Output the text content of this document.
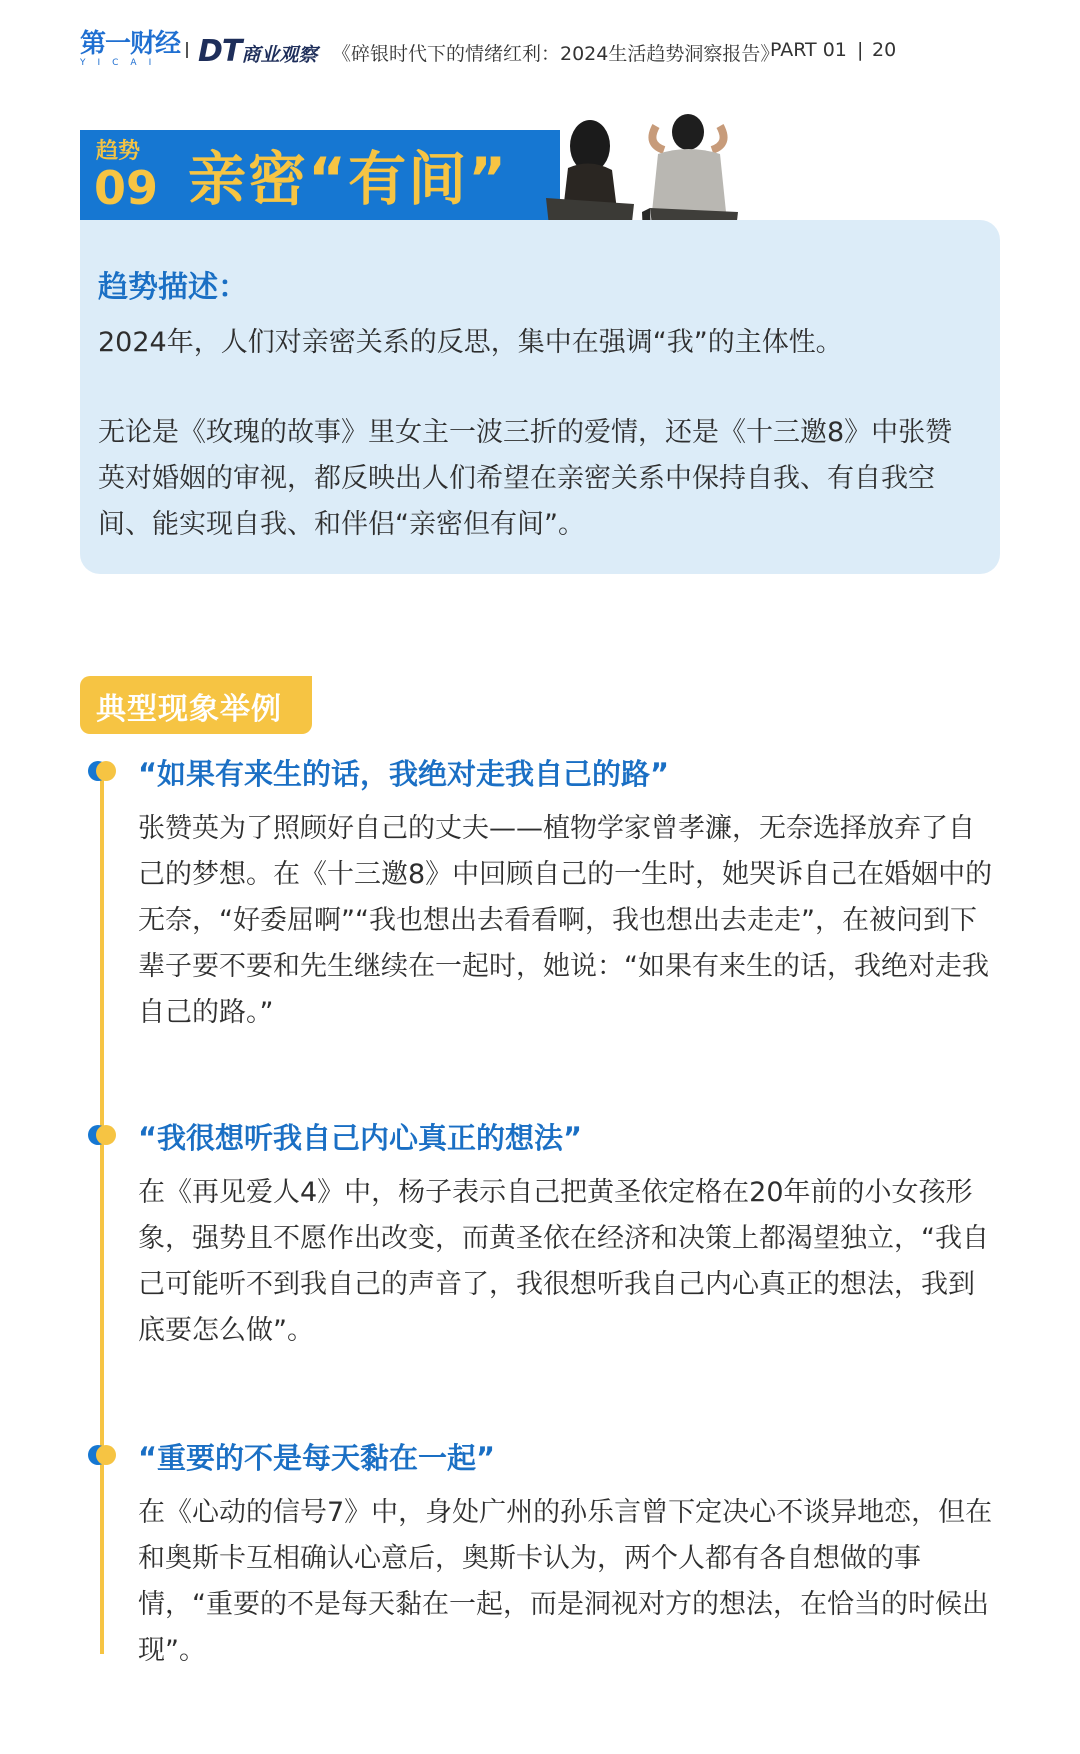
第一财经
YICAI	DT商业观察 《碎银时代下的情绪红利：2024生活趋势洞察报告》
PART 01 | 20
趋势
09 亲密“有间”
趋势描述：
2024年，人们对亲密关系的反思，集中在强调“我”的主体性。
无论是《玫瑰的故事》里女主一波三折的爱情，还是《十三邀8》中张赞英对婚姻的审视，都反映出人们希望在亲密关系中保持自我、有自我空间、能实现自我、和伴侣“亲密但有间”。
典型现象举例
“如果有来生的话，我绝对走我自己的路”
张赞英为了照顾好自己的丈夫——植物学家曾孝濂，无奈选择放弃了自己的梦想。在《十三邀8》中回顾自己的一生时，她哭诉自己在婚姻中的无奈，“好委屈啊”“我也想出去看看啊，我也想出去走走”，在被问到下辈子要不要和先生继续在一起时，她说：“如果有来生的话，我绝对走我自己的路。”
“我很想听我自己内心真正的想法”
在《再见爱人4》中，杨子表示自己把黄圣依定格在20年前的小女孩形象，强势且不愿作出改变，而黄圣依在经济和决策上都渴望独立，“我自己可能听不到我自己的声音了，我很想听我自己内心真正的想法，我到底要怎么做”。
“重要的不是每天黏在一起”
在《心动的信号7》中，身处广州的孙乐言曾下定决心不谈异地恋，但在和奥斯卡互相确认心意后，奥斯卡认为，两个人都有各自想做的事情，“重要的不是每天黏在一起，而是洞视对方的想法，在恰当的时候出现”。
